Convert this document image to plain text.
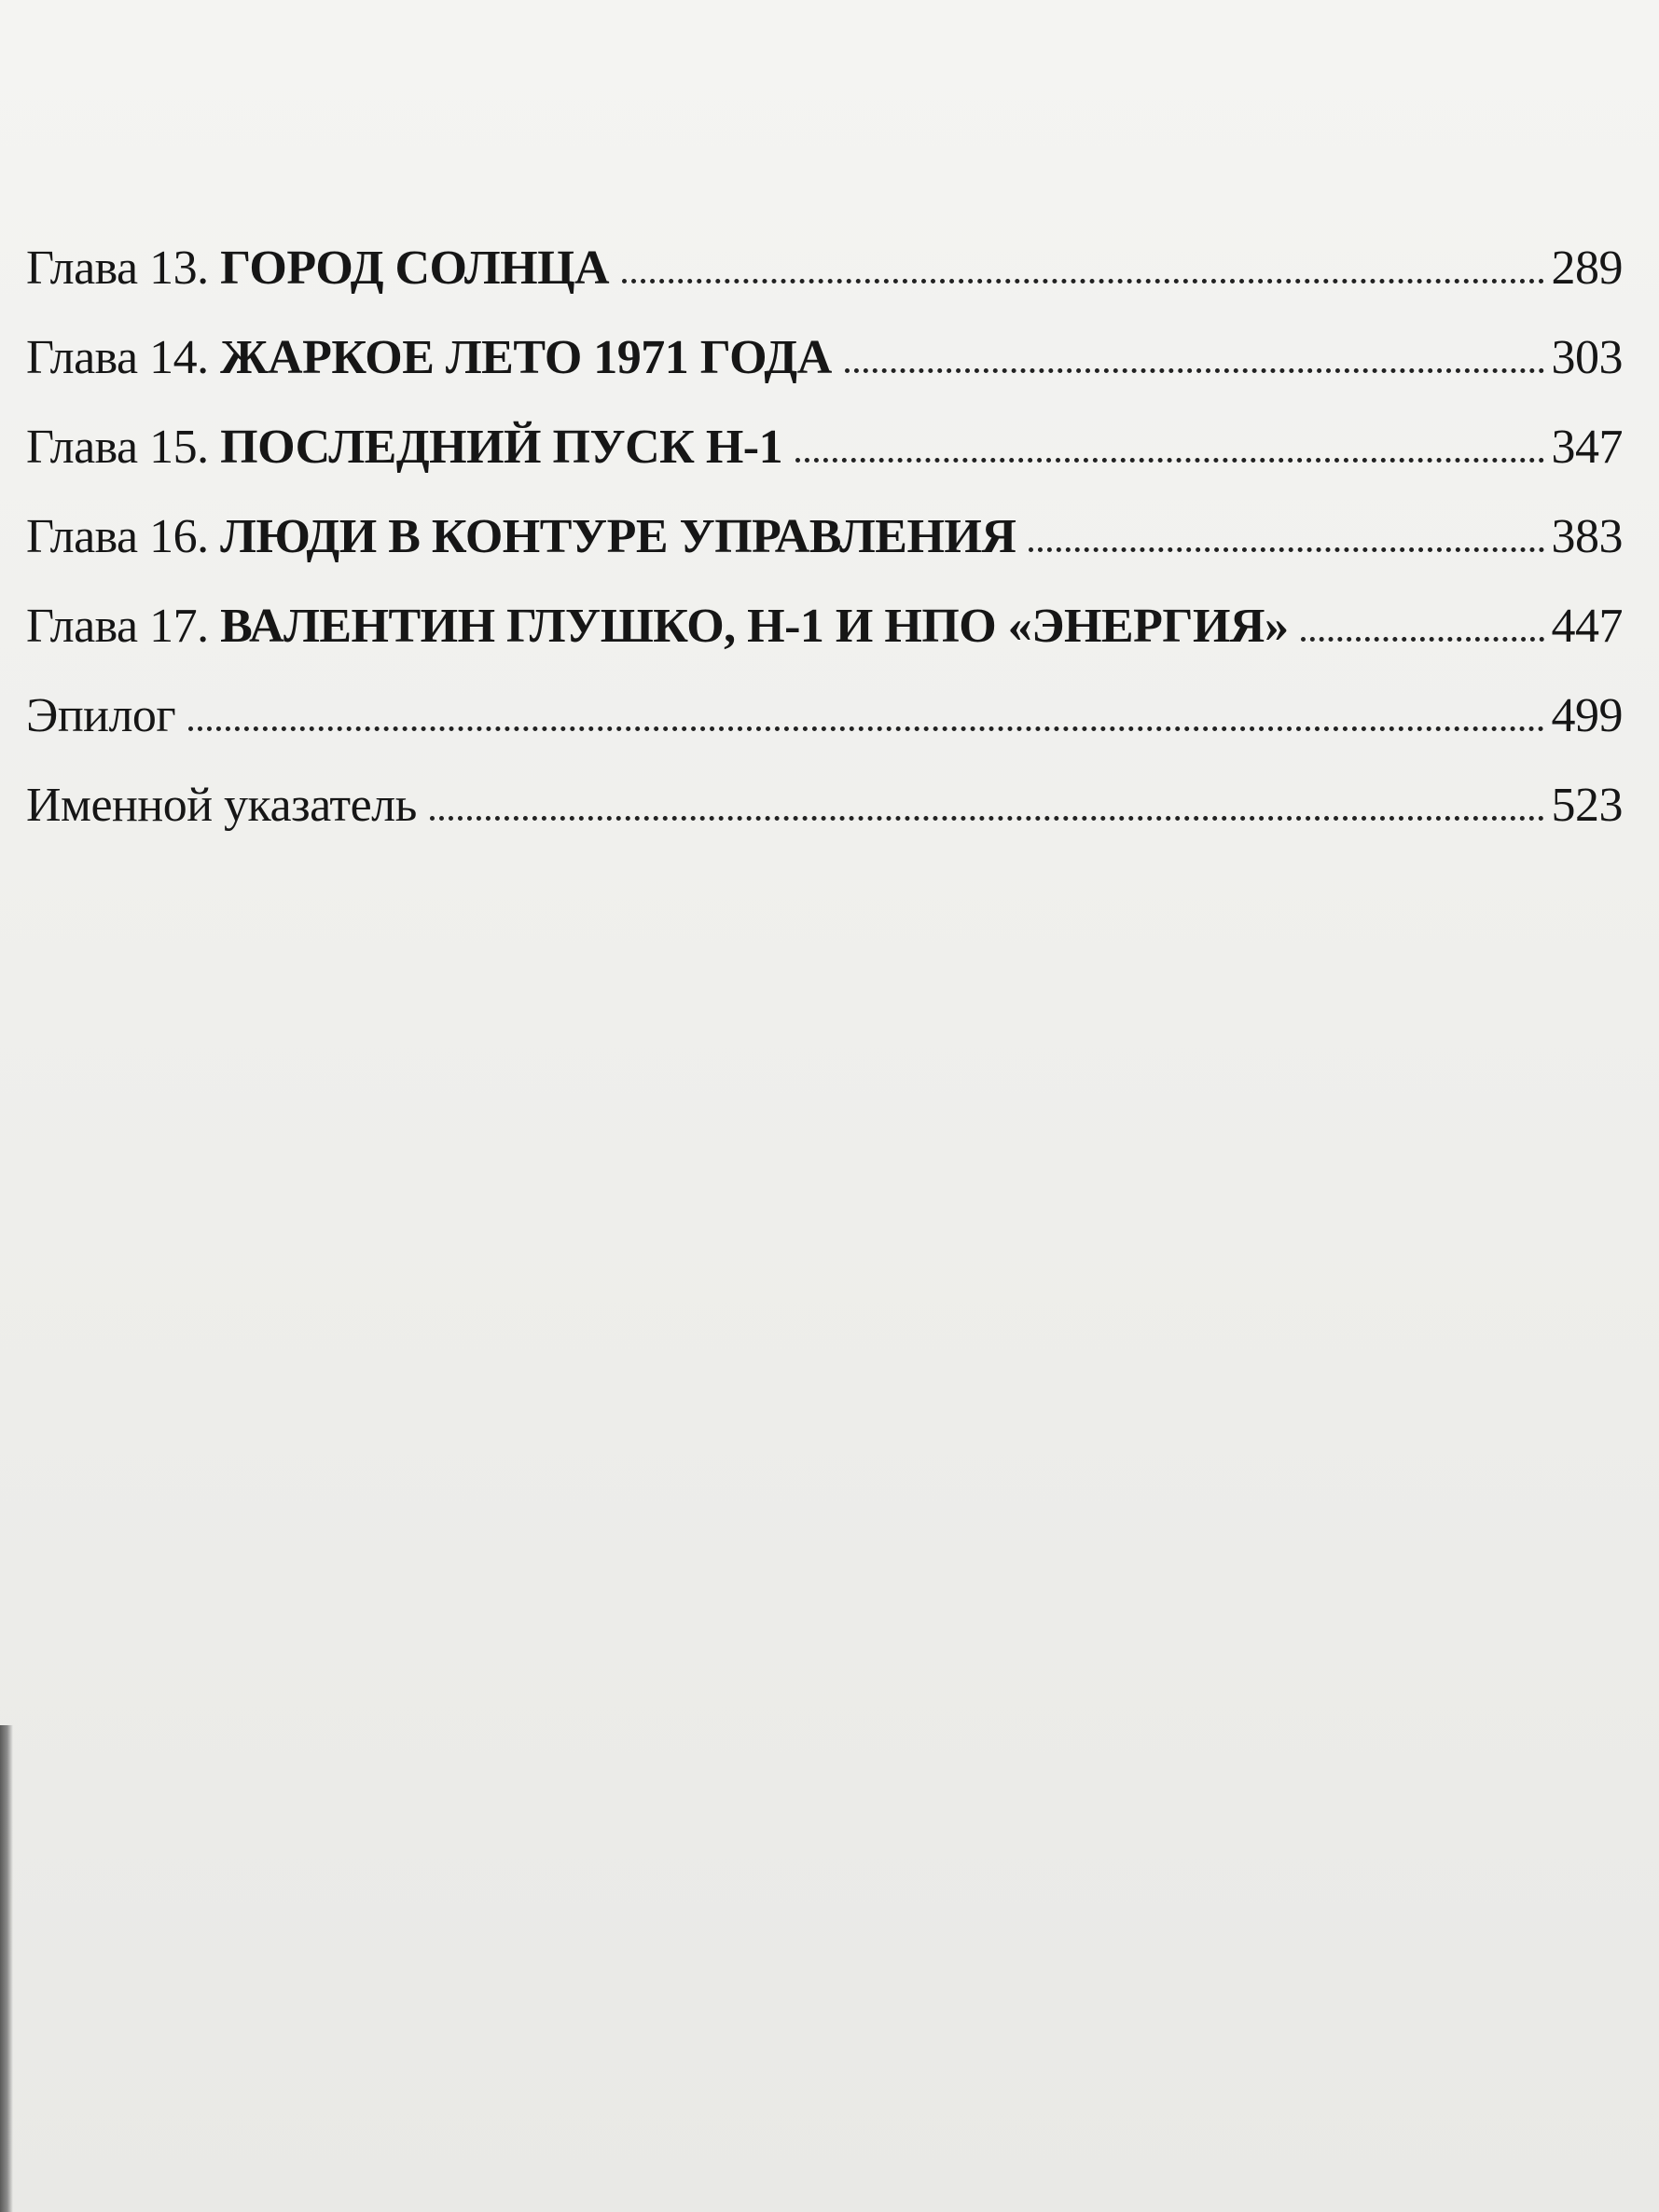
Глава 13. ГОРОД СОЛНЦА	289
Глава 14. ЖАРКОЕ ЛЕТО 1971 ГОДА	303
Глава 15. ПОСЛЕДНИЙ ПУСК Н-1	347
Глава 16. ЛЮДИ В КОНТУРЕ УПРАВЛЕНИЯ	383
Глава 17. ВАЛЕНТИН ГЛУШКО, Н-1 И НПО «ЭНЕРГИЯ»	447
Эпилог	499
Именной указатель	523
